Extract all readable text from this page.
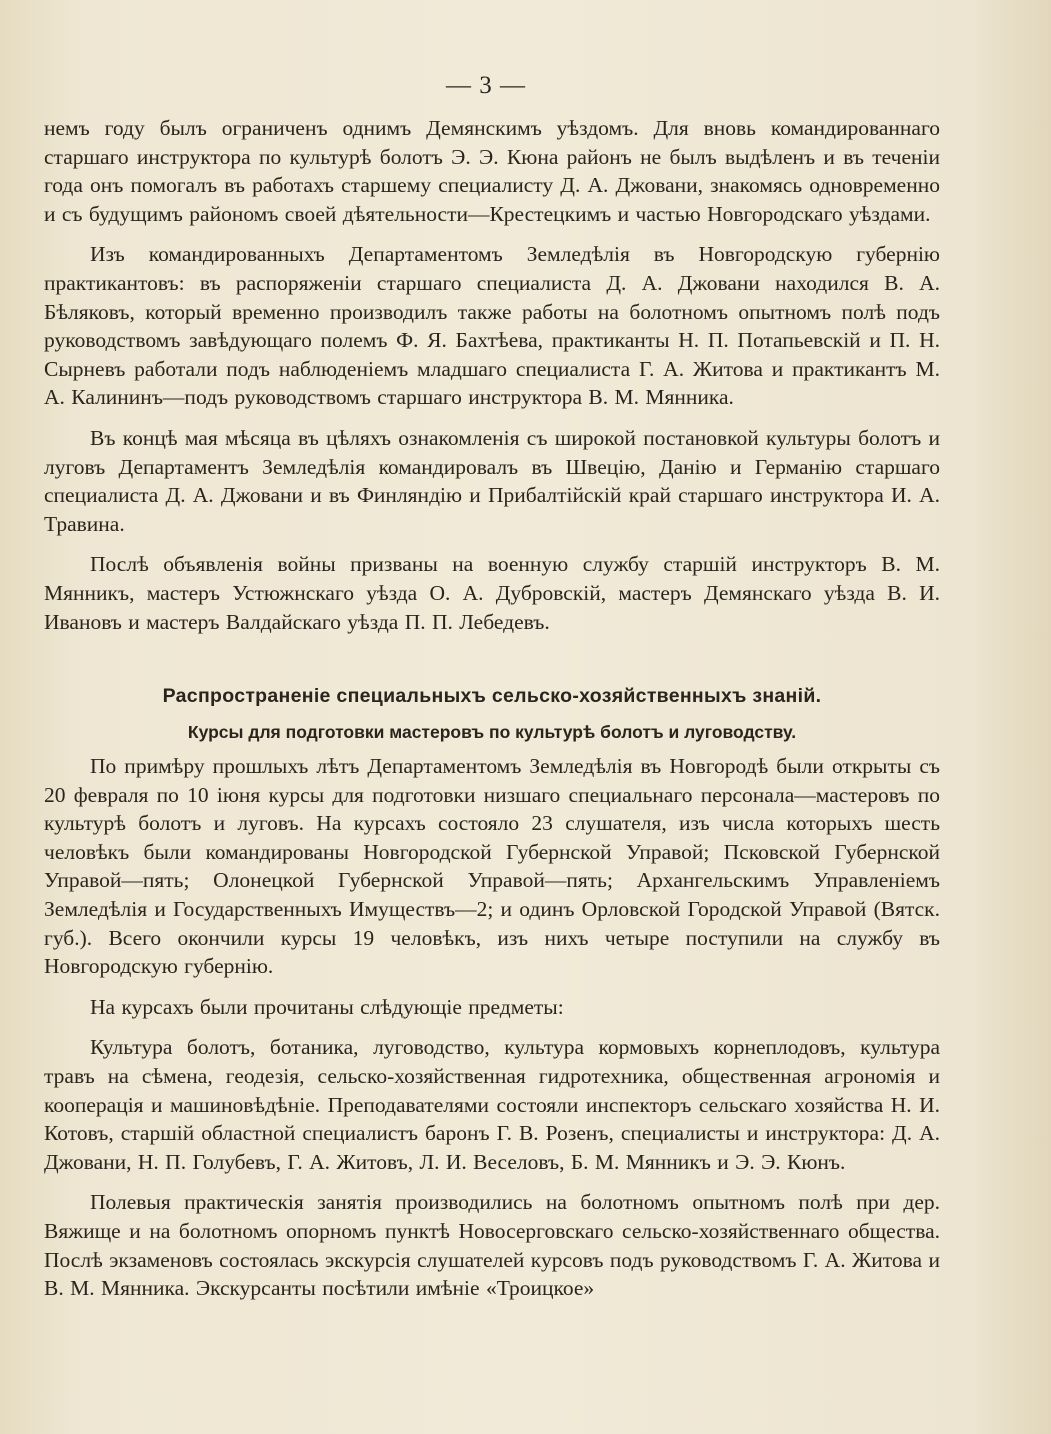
— 3 —

немъ году былъ ограниченъ однимъ Демянскимъ уѣздомъ. Для вновь командированнаго старшаго инструктора по культурѣ болотъ Э. Э. Кюна районъ не былъ выдѣленъ и въ теченіи года онъ помогалъ въ работахъ старшему специалисту Д. А. Джовани, знакомясь одновременно и съ будущимъ райономъ своей дѣятельности—Крестецкимъ и частью Новгородскаго уѣздами.

Изъ командированныхъ Департаментомъ Земледѣлія въ Новгородскую губернію практикантовъ: въ распоряженіи старшаго специалиста Д. А. Джовани находился В. А. Бѣляковъ, который временно производилъ также работы на болотномъ опытномъ полѣ подъ руководствомъ завѣдующаго полемъ Ф. Я. Бахтѣева, практиканты Н. П. Потапьевскій и П. Н. Сырневъ работали подъ наблюденіемъ младшаго специалиста Г. А. Житова и практикантъ М. А. Калининъ—подъ руководствомъ старшаго инструктора В. М. Мянника.

Въ концѣ мая мѣсяца въ цѣляхъ ознакомленія съ широкой постановкой культуры болотъ и луговъ Департаментъ Земледѣлія командировалъ въ Швецію, Данію и Германію старшаго специалиста Д. А. Джовани и въ Финляндію и Прибалтійскій край старшаго инструктора И. А. Травина.

Послѣ объявленія войны призваны на военную службу старшій инструкторъ В. М. Мянникъ, мастеръ Устюжнскаго уѣзда О. А. Дубровскій, мастеръ Демянскаго уѣзда В. И. Ивановъ и мастеръ Валдайскаго уѣзда П. П. Лебедевъ.

Распространеніе специальныхъ сельско-хозяйственныхъ знаній.
Курсы для подготовки мастеровъ по культурѣ болотъ и луговодству.

По примѣру прошлыхъ лѣтъ Департаментомъ Земледѣлія въ Новгородѣ были открыты съ 20 февраля по 10 іюня курсы для подготовки низшаго специальнаго персонала—мастеровъ по культурѣ болотъ и луговъ. На курсахъ состояло 23 слушателя, изъ числа которыхъ шесть человѣкъ были командированы Новгородской Губернской Управой; Псковской Губернской Управой—пять; Олонецкой Губернской Управой—пять; Архангельскимъ Управленіемъ Земледѣлія и Государственныхъ Имуществъ—2; и одинъ Орловской Городской Управой (Вятск. губ.). Всего окончили курсы 19 человѣкъ, изъ нихъ четыре поступили на службу въ Новгородскую губернію.

На курсахъ были прочитаны слѣдующіе предметы:

Культура болотъ, ботаника, луговодство, культура кормовыхъ корнеплодовъ, культура травъ на сѣмена, геодезія, сельско-хозяйственная гидротехника, общественная агрономія и кооперація и машиновѣдѣніе. Преподавателями состояли инспекторъ сельскаго хозяйства Н. И. Котовъ, старшій областной специалистъ баронъ Г. В. Розенъ, специалисты и инструктора: Д. А. Джовани, Н. П. Голубевъ, Г. А. Житовъ, Л. И. Веселовъ, Б. М. Мянникъ и Э. Э. Кюнъ.

Полевыя практическія занятія производились на болотномъ опытномъ полѣ при дер. Вяжище и на болотномъ опорномъ пунктѣ Новосерговскаго сельско-хозяйственнаго общества. Послѣ экзаменовъ состоялась экскурсія слушателей курсовъ подъ руководствомъ Г. А. Житова и В. М. Мянника. Экскурсанты посѣтили имѣніе «Троицкое»
